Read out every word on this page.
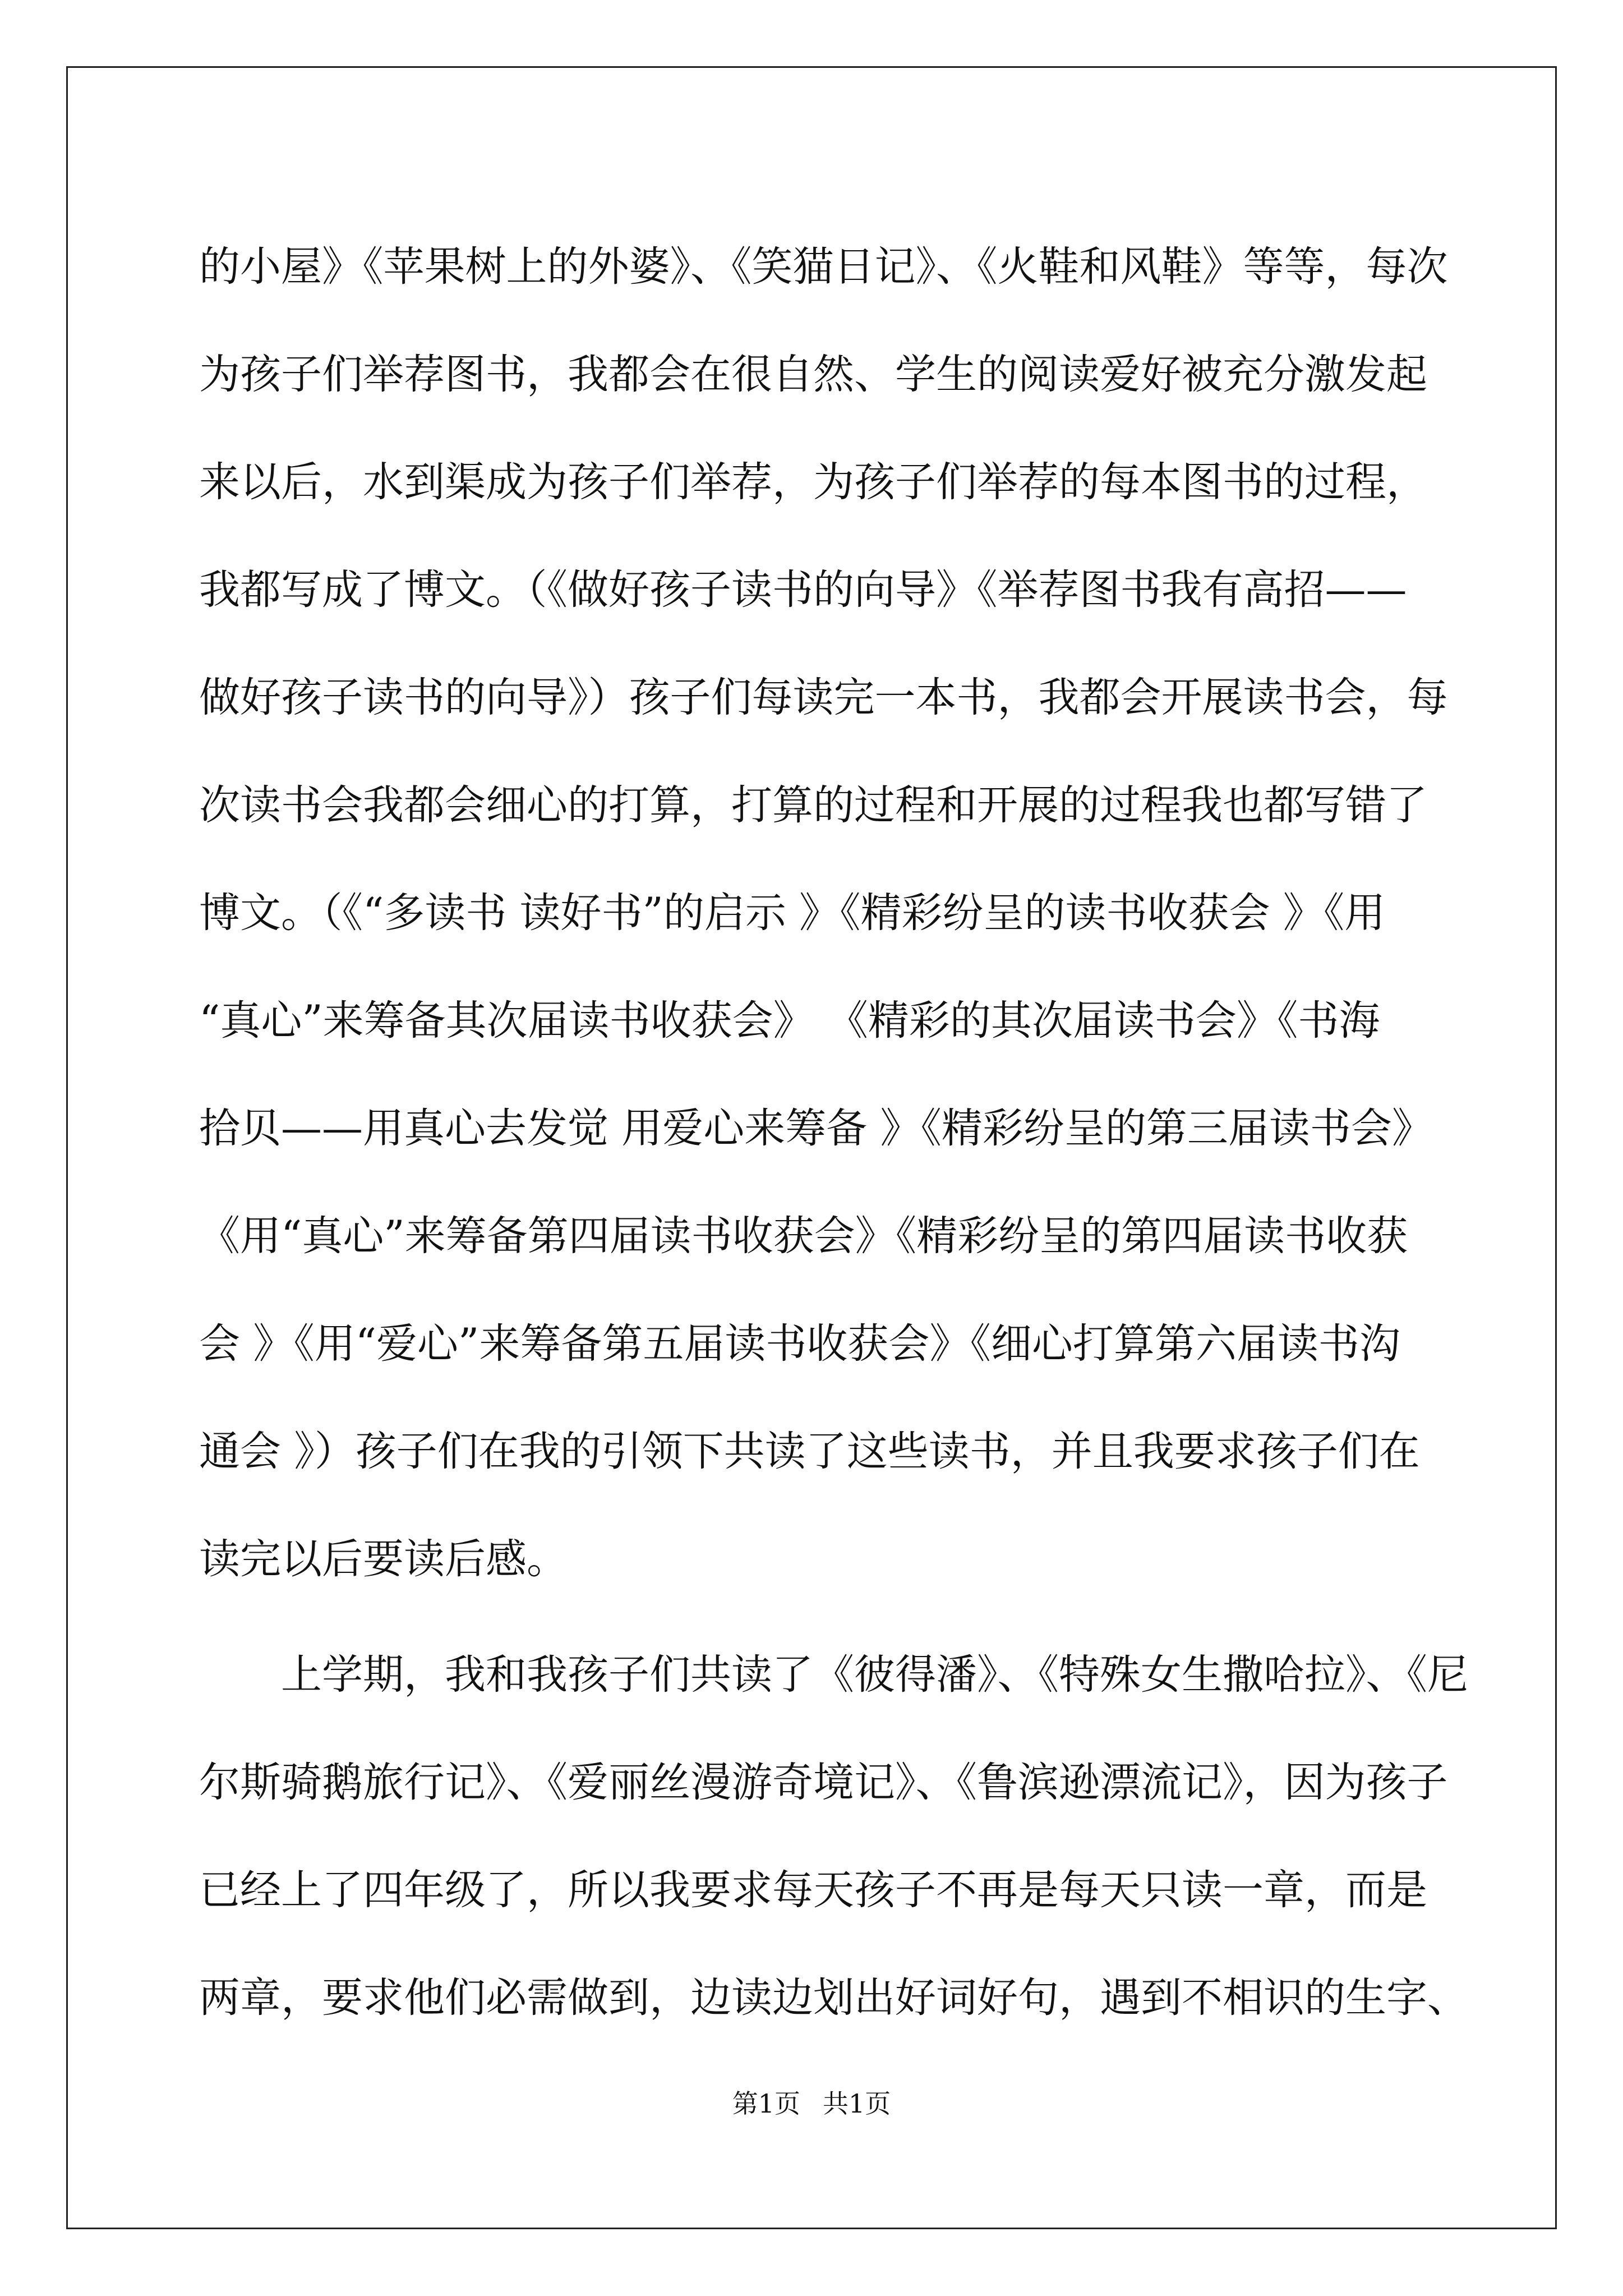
的小屋》《苹果树上的外婆》、《笑猫日记》、《火鞋和风鞋》等等，每次
为孩子们举荐图书，我都会在很自然、学生的阅读爱好被充分激发起
来以后，水到渠成为孩子们举荐，为孩子们举荐的每本图书的过程，
我都写成了博文。（《做好孩子读书的向导》《举荐图书我有高招——
做好孩子读书的向导》）孩子们每读完一本书，我都会开展读书会，每
次读书会我都会细心的打算，打算的过程和开展的过程我也都写错了
博文。（《“多读书 读好书”的启示 》《精彩纷呈的读书收获会 》《用
“真心”来筹备其次届读书收获会》 《精彩的其次届读书会》《书海
拾贝——用真心去发觉 用爱心来筹备 》《精彩纷呈的第三届读书会》
《用“真心”来筹备第四届读书收获会》《精彩纷呈的第四届读书收获
会 》《用“爱心”来筹备第五届读书收获会》《细心打算第六届读书沟
通会 》）孩子们在我的引领下共读了这些读书，并且我要求孩子们在
读完以后要读后感。
　　上学期，我和我孩子们共读了《彼得潘》、《特殊女生撒哈拉》、《尼
尔斯骑鹅旅行记》、《爱丽丝漫游奇境记》、《鲁滨逊漂流记》，因为孩子
已经上了四年级了，所以我要求每天孩子不再是每天只读一章，而是
两章，要求他们必需做到，边读边划出好词好句，遇到不相识的生字、
第1页 共1页
